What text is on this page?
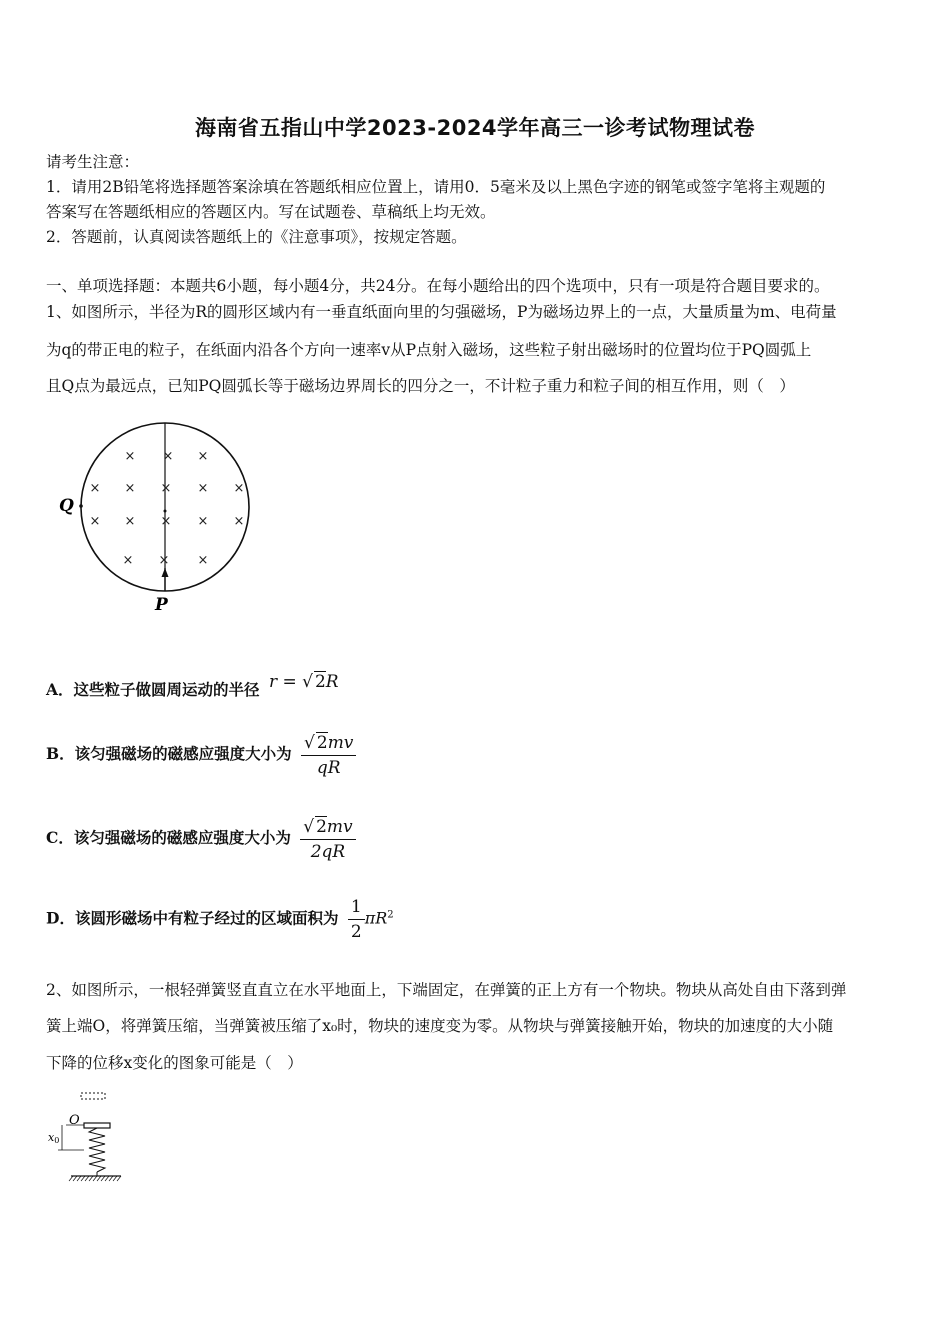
海南省五指山中学2023-2024学年高三一诊考试物理试卷
请考生注意：
1．请用2B铅笔将选择题答案涂填在答题纸相应位置上，请用0．5毫米及以上黑色字迹的钢笔或签字笔将主观题的
答案写在答题纸相应的答题区内。写在试题卷、草稿纸上均无效。
2．答题前，认真阅读答题纸上的《注意事项》，按规定答题。
一、单项选择题：本题共6小题，每小题4分，共24分。在每小题给出的四个选项中，只有一项是符合题目要求的。
1、如图所示，半径为R的圆形区域内有一垂直纸面向里的匀强磁场，P为磁场边界上的一点，大量质量为m、电荷量
为q的带正电的粒子，在纸面内沿各个方向一速率v从P点射入磁场，这些粒子射出磁场时的位置均位于PQ圆弧上
且Q点为最远点，已知PQ圆弧长等于磁场边界周长的四分之一，不计粒子重力和粒子间的相互作用，则（　）
× × ×
× × × × ×
× × × × ×
× × ×
Q
P
A．这些粒子做圆周运动的半径 r = √ 2R
B．该匀强磁场的磁感应强度大小为 $\frac{√ 2mv}{qR}$
C．该匀强磁场的磁感应强度大小为 $\frac{√ 2mv}{2qR}$
D．该圆形磁场中有粒子经过的区域面积为 $\frac{1}{2} \pi R^2$
2、如图所示，一根轻弹簧竖直直立在水平地面上，下端固定，在弹簧的正上方有一个物块。物块从高处自由下落到弹
簧上端O，将弹簧压缩，当弹簧被压缩了x₀时，物块的速度变为零。从物块与弹簧接触开始，物块的加速度的大小随
下降的位移x变化的图象可能是（　）
O
x0
